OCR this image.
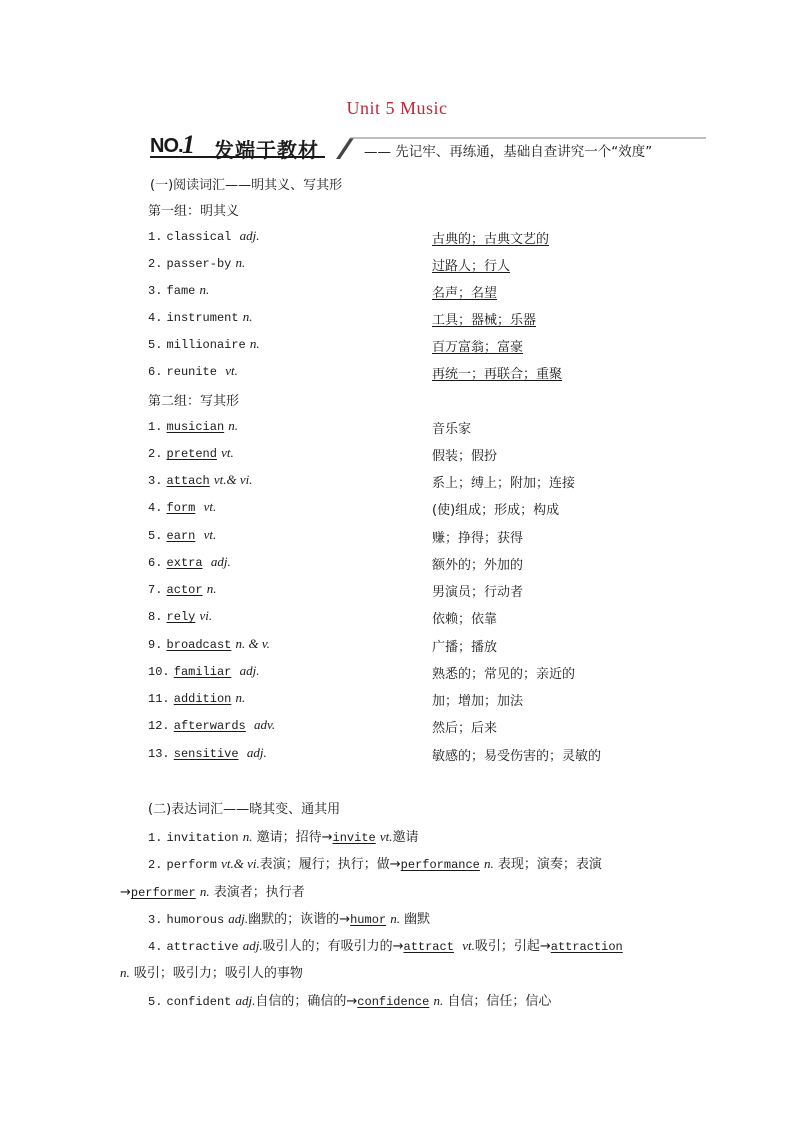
Unit 5 Music
NO. 1 发端于教材	—— 先记牢、再练通，基础自查讲究一个“效度”
(一)阅读词汇——明其义、写其形
第一组：明其义
1. classical adj.	古典的；古典文艺的
2. passer-by n.	过路人；行人
3. fame n.	名声；名望
4. instrument n.	工具；器械；乐器
5. millionaire n.	百万富翁；富豪
6. reunite vt.	再统一；再联合；重聚
第二组：写其形
1. musician n.	音乐家
2. pretend vt.	假装；假扮
3. attach vt.& vi.	系上；缚上；附加；连接
4. form vt.	(使)组成；形成；构成
5. earn vt.	赚；挣得；获得
6. extra adj.	额外的；外加的
7. actor n.	男演员；行动者
8. rely vi.	依赖；依靠
9. broadcast n. & v.	广播；播放
10. familiar adj.	熟悉的；常见的；亲近的
11. addition n.	加；增加；加法
12. afterwards adv.	然后；后来
13. sensitive adj.	敏感的；易受伤害的；灵敏的
(二)表达词汇——晓其变、通其用
1. invitation n. 邀请；招待→invite vt.邀请
2. perform vt.& vi.表演；履行；执行；做→performance n. 表现；演奏；表演
→performer n. 表演者；执行者
3. humorous adj.幽默的；诙谐的→humor n. 幽默
4. attractive adj.吸引人的；有吸引力的→attract vt.吸引；引起→attraction
n. 吸引；吸引力；吸引人的事物
5. confident adj.自信的；确信的→confidence n. 自信；信任；信心
